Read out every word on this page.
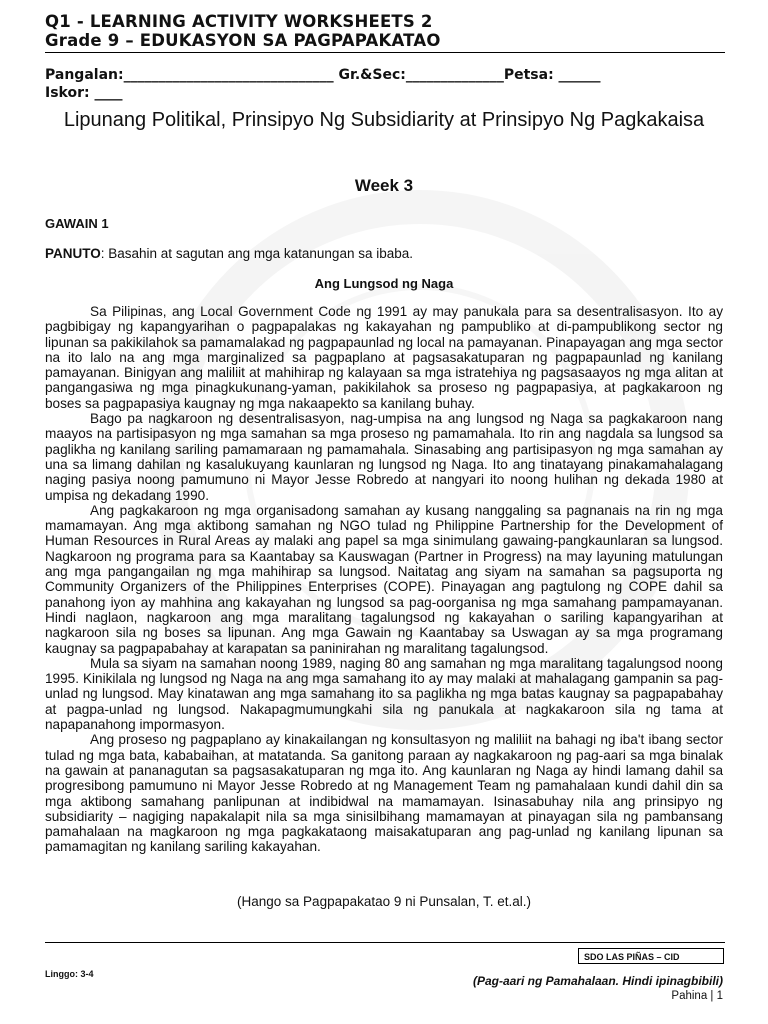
Q1 - LEARNING ACTIVITY WORKSHEETS 2
Grade 9 – EDUKASYON SA PAGPAPAKATAO
Pangalan:______________________________ Gr.&Sec:______________Petsa: ______
Iskor: ____
Lipunang Politikal, Prinsipyo Ng Subsidiarity at Prinsipyo Ng Pagkakaisa
Week 3
GAWAIN 1
PANUTO: Basahin at sagutan ang mga katanungan sa ibaba.
Ang Lungsod ng Naga

Sa Pilipinas, ang Local Government Code ng 1991 ay may panukala para sa desentralisasyon. Ito ay pagbibigay ng kapangyarihan o pagpapalakas ng kakayahan ng pampubliko at di-pampublikong sector ng lipunan sa pakikilahok sa pamamalakad ng pagpapaunlad ng local na pamayanan. Pinapayagan ang mga sector na ito lalo na ang mga marginalized sa pagpaplano at pagsasakatuparan ng pagpapaunlad ng kanilang pamayanan. Binigyan ang maliliit at mahihirap ng kalayaan sa mga istratehiya ng pagsasaayos ng mga alitan at pangangasiwa ng mga pinagkukunang-yaman, pakikilahok sa proseso ng pagpapasiya, at pagkakaroon ng boses sa pagpapasiya kaugnay ng mga nakaapekto sa kanilang buhay.

Bago pa nagkaroon ng desentralisasyon, nag-umpisa na ang lungsod ng Naga sa pagkakaroon nang maayos na partisipasyon ng mga samahan sa mga proseso ng pamamahala. Ito rin ang nagdala sa lungsod sa paglikha ng kanilang sariling pamamaraan ng pamamahala. Sinasabing ang partisipasyon ng mga samahan ay una sa limang dahilan ng kasalukuyang kaunlaran ng lungsod ng Naga. Ito ang tinatayang pinakamahalagang naging pasiya noong pamumuno ni Mayor Jesse Robredo at nangyari ito noong hulihan ng dekada 1980 at umpisa ng dekadang 1990.

Ang pagkakaroon ng mga organisadong samahan ay kusang nanggaling sa pagnanais na rin ng mga mamamayan. Ang mga aktibong samahan ng NGO tulad ng Philippine Partnership for the Development of Human Resources in Rural Areas ay malaki ang papel sa mga sinimulang gawaing-pangkaunlaran sa lungsod. Nagkaroon ng programa para sa Kaantabay sa Kauswagan (Partner in Progress) na may layuning matulungan ang mga pangangailan ng mga mahihirap sa lungsod. Naitatag ang siyam na samahan sa pagsuporta ng Community Organizers of the Philippines Enterprises (COPE). Pinayagan ang pagtulong ng COPE dahil sa panahong iyon ay mahhina ang kakayahan ng lungsod sa pag-oorganisa ng mga samahang pampamayanan. Hindi naglaon, nagkaroon ang mga maralitang tagalungsod ng kakayahan o sariling kapangyarihan at nagkaroon sila ng boses sa lipunan. Ang mga Gawain ng Kaantabay sa Uswagan ay sa mga programang kaugnay sa pagpapabahay at karapatan sa paninirahan ng maralitang tagalungsod.

Mula sa siyam na samahan noong 1989, naging 80 ang samahan ng mga maralitang tagalungsod noong 1995. Kinikilala ng lungsod ng Naga na ang mga samahang ito ay may malaki at mahalagang gampanin sa pag-unlad ng lungsod. May kinatawan ang mga samahang ito sa paglikha ng mga batas kaugnay sa pagpapabahay at pagpa-unlad ng lungsod. Nakapagmumungkahi sila ng panukala at nagkakaroon sila ng tama at napapanahong impormasyon.

Ang proseso ng pagpaplano ay kinakailangan ng konsultasyon ng maliliit na bahagi ng iba't ibang sector tulad ng mga bata, kababaihan, at matatanda. Sa ganitong paraan ay nagkakaroon ng pag-aari sa mga binalak na gawain at pananagutan sa pagsasakatuparan ng mga ito. Ang kaunlaran ng Naga ay hindi lamang dahil sa progresibong pamumuno ni Mayor Jesse Robredo at ng Management Team ng pamahalaan kundi dahil din sa mga aktibong samahang panlipunan at indibidwal na mamamayan. Isinasabuhay nila ang prinsipyo ng subsidiarity – nagiging napakalapit nila sa mga sinisilbihang mamamayan at pinayagan sila ng pambansang pamahalaan na magkaroon ng mga pagkakataong maisakatuparan ang pag-unlad ng kanilang lipunan sa pamamagitan ng kanilang sariling kakayahan.

(Hango sa Pagpapakatao 9 ni Punsalan, T. et.al.)
SDO LAS PIÑAS – CID
Linggo: 3-4	(Pag-aari ng Pamahalaan. Hindi ipinagbibili)
Pahina | 1
